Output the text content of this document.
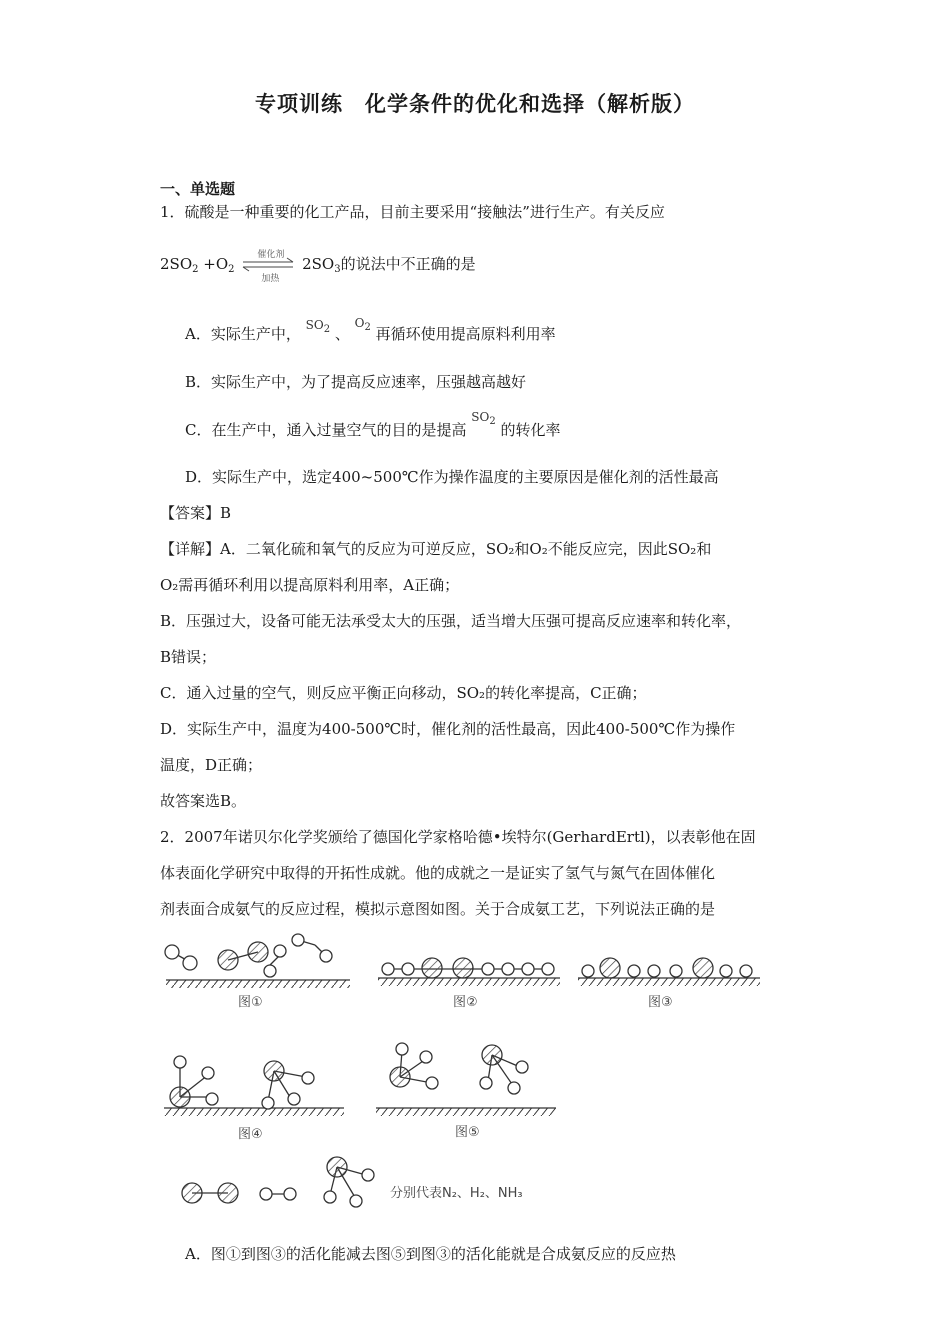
专项训练　化学条件的优化和选择（解析版）
一、单选题
1．硫酸是一种重要的化工产品，目前主要采用“接触法”进行生产。有关反应
$2SO_2 +O_2$
催化剂
加热
$2SO_3$的说法中不正确的是
A．实际生产中， $^{SO_2}$ 、 $^{O_2}$ 再循环使用提高原料利用率
B．实际生产中，为了提高反应速率，压强越高越好
C．在生产中，通入过量空气的目的是提高 $^{SO_2}$ 的转化率
D．实际生产中，选定400~500℃作为操作温度的主要原因是催化剂的活性最高
【答案】B
【详解】A．二氧化硫和氧气的反应为可逆反应，SO₂和O₂不能反应完，因此SO₂和
O₂需再循环利用以提高原料利用率，A正确；
B．压强过大，设备可能无法承受太大的压强，适当增大压强可提高反应速率和转化率，
B错误；
C．通入过量的空气，则反应平衡正向移动，SO₂的转化率提高，C正确；
D．实际生产中，温度为400-500℃时，催化剂的活性最高，因此400-500℃作为操作
温度，D正确；
故答案选B。
2．2007年诺贝尔化学奖颁给了德国化学家格哈德•埃特尔(GerhardErtl)，以表彰他在固
体表面化学研究中取得的开拓性成就。他的成就之一是证实了氢气与氮气在固体催化
剂表面合成氨气的反应过程，模拟示意图如图。关于合成氨工艺，下列说法正确的是
图①	图②	图③
图④	图⑤
分别代表N₂、H₂、NH₃
A．图①到图③的活化能减去图⑤到图③的活化能就是合成氨反应的反应热
